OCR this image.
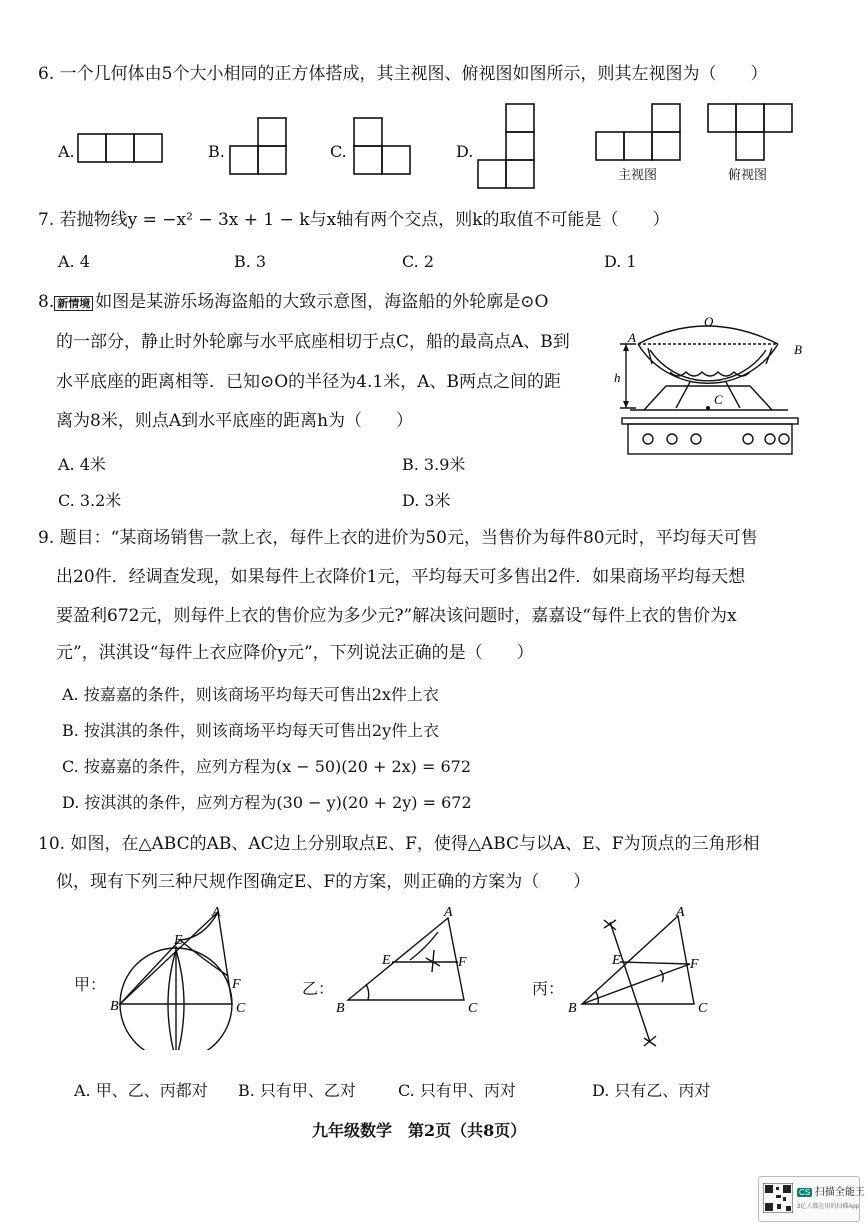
6. 一个几何体由5个大小相同的正方体搭成，其主视图、俯视图如图所示，则其左视图为（　　）
A.	B.	C.	D.
主视图	俯视图
7. 若抛物线y = −x² − 3x + 1 − k与x轴有两个交点，则k的取值不可能是（　　）
A. 4	B. 3	C. 2	D. 1
8. 新情境 如图是某游乐场海盗船的大致示意图，海盗船的外轮廓是⊙O
的一部分，静止时外轮廓与水平底座相切于点C，船的最高点A、B到
水平底座的距离相等．已知⊙O的半径为4.1米，A、B两点之间的距
离为8米，则点A到水平底座的距离h为（　　）
A. 4米	B. 3.9米
C. 3.2米	D. 3米
O
A
B
C
h
9. 题目：“某商场销售一款上衣，每件上衣的进价为50元，当售价为每件80元时，平均每天可售
出20件．经调查发现，如果每件上衣降价1元，平均每天可多售出2件．如果商场平均每天想
要盈利672元，则每件上衣的售价应为多少元?”解决该问题时，嘉嘉设“每件上衣的售价为x
元”，淇淇设“每件上衣应降价y元”，下列说法正确的是（　　）
A. 按嘉嘉的条件，则该商场平均每天可售出2x件上衣
B. 按淇淇的条件，则该商场平均每天可售出2y件上衣
C. 按嘉嘉的条件，应列方程为(x − 50)(20 + 2x) = 672
D. 按淇淇的条件，应列方程为(30 − y)(20 + 2y) = 672
10. 如图，在△ABC的AB、AC边上分别取点E、F，使得△ABC与以A、E、F为顶点的三角形相
似，现有下列三种尺规作图确定E、F的方案，则正确的方案为（　　）
甲：
B	C
A
E
F	乙：
B	C
A
E	F
丙：
B	C
A
E	F
A. 甲、乙、丙都对 B. 只有甲、乙对	C. 只有甲、丙对	D. 只有乙、丙对
九年级数学　第2页（共8页）
CS 扫描全能王
3亿人都在用的扫描App
